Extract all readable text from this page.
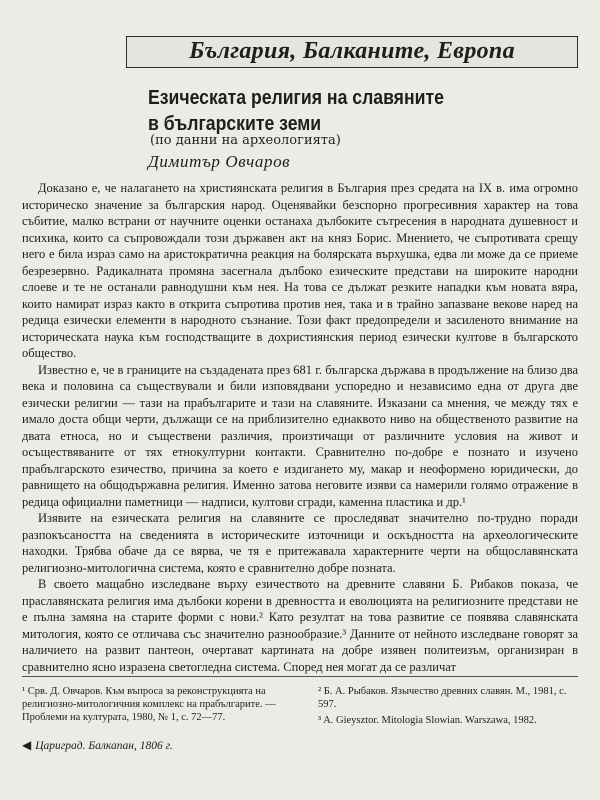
България, Балканите, Европа
Езическата религия на славяните
в българските земи
(по данни на археологията)
Димитър Овчаров

Доказано е, че налагането на християнската религия в България през средата на IX в. има огромно историческо значение за българския народ. Оценявайки безспорно прогресивния характер на това събитие, малко встрани от научните оценки останаха дълбоките сътресения в народната душевност и психика, които са съпровождали този държавен акт на княз Борис. Мнението, че съпротивата срещу него е била израз само на аристократична реакция на болярската върхушка, едва ли може да се приеме безрезервно. Радикалната промяна засегнала дълбоко езическите представи на широките народни слоеве и те не останали равнодушни към нея. На това се дължат резките нападки към новата вяра, които намират израз както в открита съпротива против нея, така и в трайно запазване векове наред на редица езически елементи в народното съзнание. Този факт предопредели и засиленото внимание на историческата наука към господстващите в дохристиянския период езически култове в българското общество.

Известно е, че в границите на създадената през 681 г. българска държава в продължение на близо два века и половина са съществували и били изповядвани успоредно и независимо една от друга две езически религии — тази на прабългарите и тази на славяните. Изказани са мнения, че между тях е имало доста общи черти, дължащи се на приблизително еднаквото ниво на общественото развитие на двата етноса, но и съществени различия, произтичащи от различните условия на живот и осъществяваните от тях етнокултурни контакти. Сравнително по-добре е познато и изучено прабългарското езичество, причина за което е издигането му, макар и неоформено юридически, до равнището на общодържавна религия. Именно затова неговите изяви са намерили голямо отражение в редица официални паметници — надписи, култови сгради, каменна пластика и др.¹

Изявите на езическата религия на славяните се проследяват значително по-трудно поради разпокъсаността на сведенията в историческите източници и оскъдността на археологическите находки. Трябва обаче да се вярва, че тя е притежавала характерните черти на общославянската религиозно-митологична система, която е сравнително добре позната.

В своето мащабно изследване върху езичеството на древните славяни Б. Рибаков показа, че праславянската религия има дълбоки корени в древността и еволюцията на религиозните представи не е пълна замяна на старите форми с нови.² Като резултат на това развитие се появява славянската митология, която се отличава със значително разнообразие.³ Данните от нейното изследване говорят за наличието на развит пантеон, очертават картината на добре изявен политеизъм, организиран в сравнително ясно изразена светогледна система. Според нея могат да се различат

¹ Срв. Д. Овчаров. Към въпроса за реконструкцията на религиозно-митологичния комплекс на прабългарите. — Проблеми на културата, 1980, № 1, с. 72—77.

² Б. А. Рыбаков. Язычество древних славян. М., 1981, с. 597.

³ A. Gieysztor. Mitologia Slowian. Warszawa, 1982.

◀ Цариград. Балкапан, 1806 г.
